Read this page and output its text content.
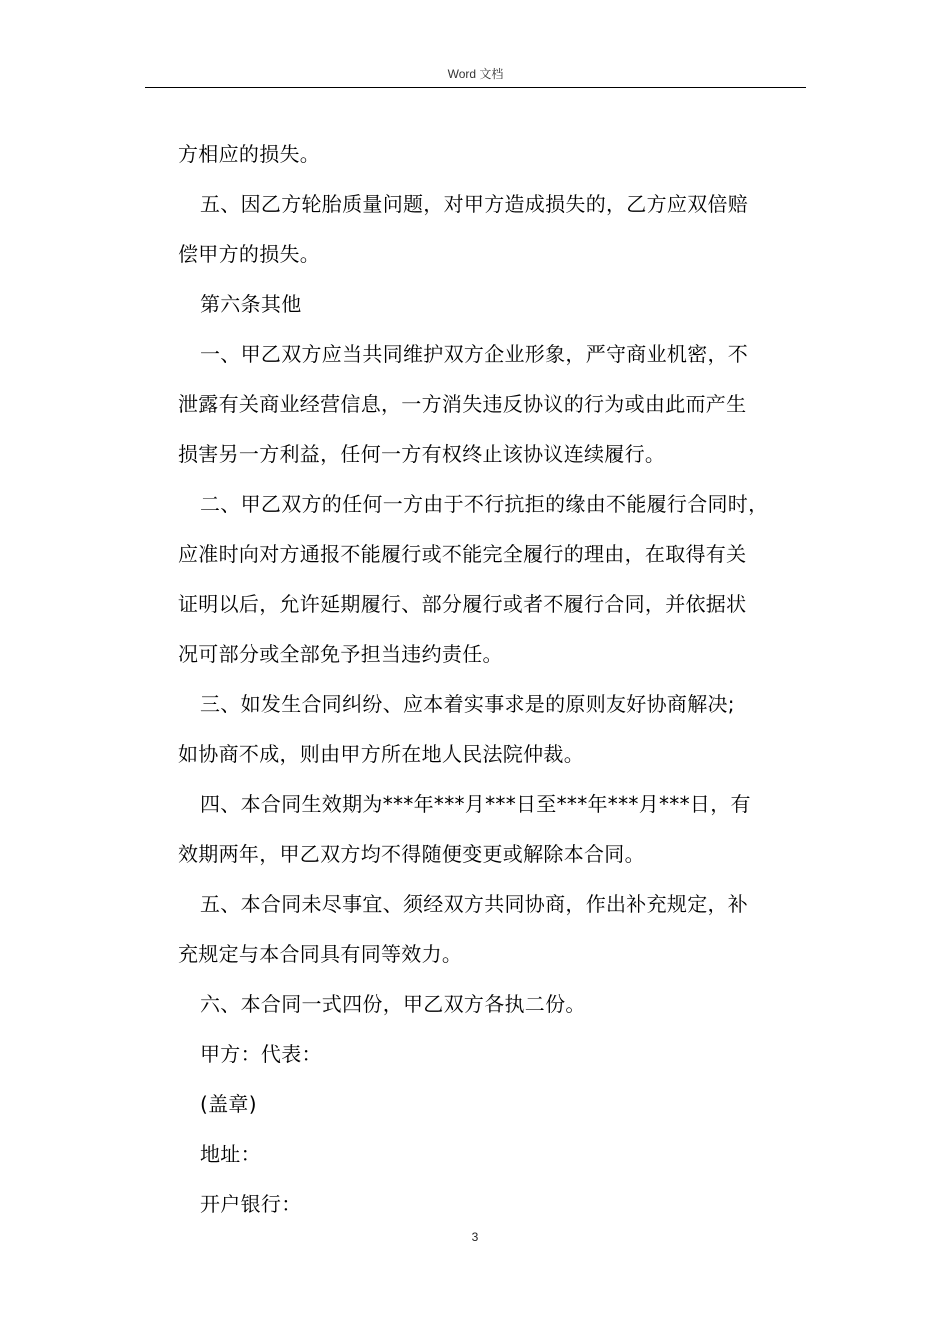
Word 文档
方相应的损失。
五、因乙方轮胎质量问题，对甲方造成损失的，乙方应双倍赔
偿甲方的损失。
第六条其他
一、甲乙双方应当共同维护双方企业形象，严守商业机密，不
泄露有关商业经营信息，一方消失违反协议的行为或由此而产生
损害另一方利益，任何一方有权终止该协议连续履行。
二、甲乙双方的任何一方由于不行抗拒的缘由不能履行合同时，
应准时向对方通报不能履行或不能完全履行的理由，在取得有关
证明以后，允许延期履行、部分履行或者不履行合同，并依据状
况可部分或全部免予担当违约责任。
三、如发生合同纠纷、应本着实事求是的原则友好协商解决;
如协商不成，则由甲方所在地人民法院仲裁。
四、本合同生效期为***年***月***日至***年***月***日，有
效期两年，甲乙双方均不得随便变更或解除本合同。
五、本合同未尽事宜、须经双方共同协商，作出补充规定，补
充规定与本合同具有同等效力。
六、本合同一式四份，甲乙双方各执二份。
甲方：代表：
(盖章)
地址：
开户银行：
3
